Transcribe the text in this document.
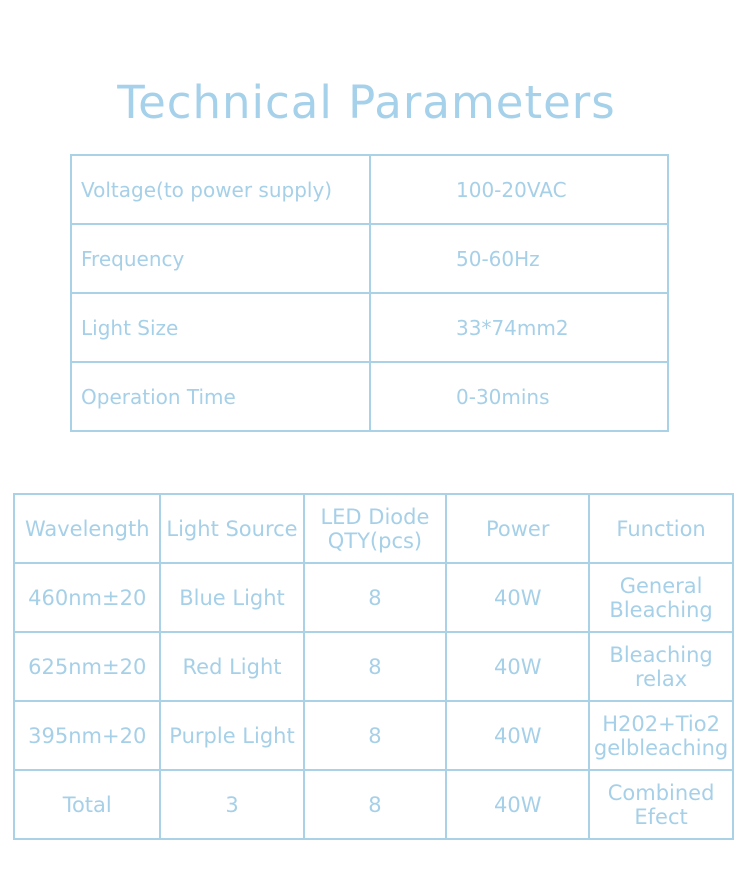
Technical Parameters
Voltage(to power supply)	100-20VAC
Frequency	50-60Hz
Light Size	33*74mm2
Operation Time	0-30mins
Wavelength	Light Source	LED Diode QTY(pcs)	Power	Function
460nm±20	Blue Light	8	40W	General Bleaching
625nm±20	Red Light	8	40W	Bleaching relax
395nm+20	Purple Light	8	40W	H202+Tio2 gelbleaching
Total	3	8	40W	Combined Efect
